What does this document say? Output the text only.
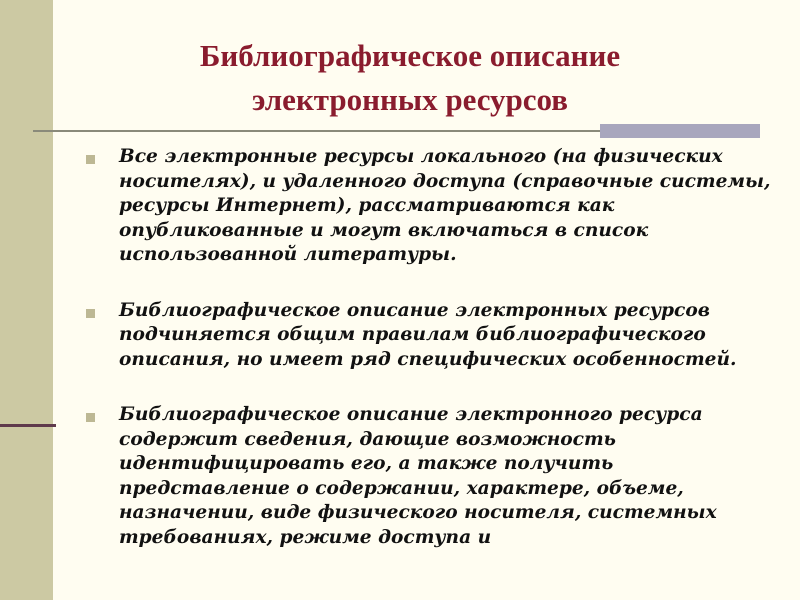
Библиографическое описание
электронных ресурсов
Все электронные ресурсы локального (на физических носителях), и удаленного доступа (справочные системы, ресурсы Интернет), рассматриваются как опубликованные и могут включаться в список использованной литературы.
Библиографическое описание электронных ресурсов подчиняется общим правилам библиографического описания, но имеет ряд специфических особенностей.
Библиографическое описание электронного ресурса содержит сведения, дающие возможность идентифицировать его, а также получить представление о содержании, характере, объеме, назначении, виде физического носителя, системных требованиях, режиме доступа и
